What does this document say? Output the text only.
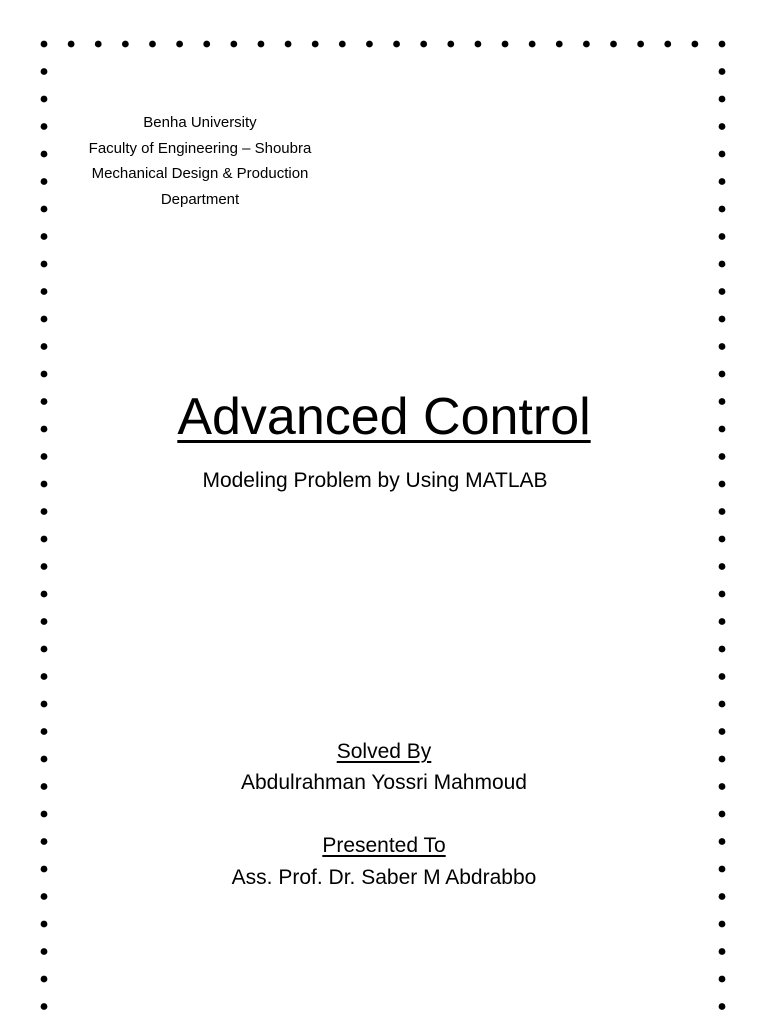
Benha University
Faculty of Engineering – Shoubra
Mechanical Design & Production
Department
Advanced Control
Modeling Problem by Using MATLAB
Solved By
Abdulrahman Yossri Mahmoud
Presented To
Ass. Prof. Dr. Saber M Abdrabbo
